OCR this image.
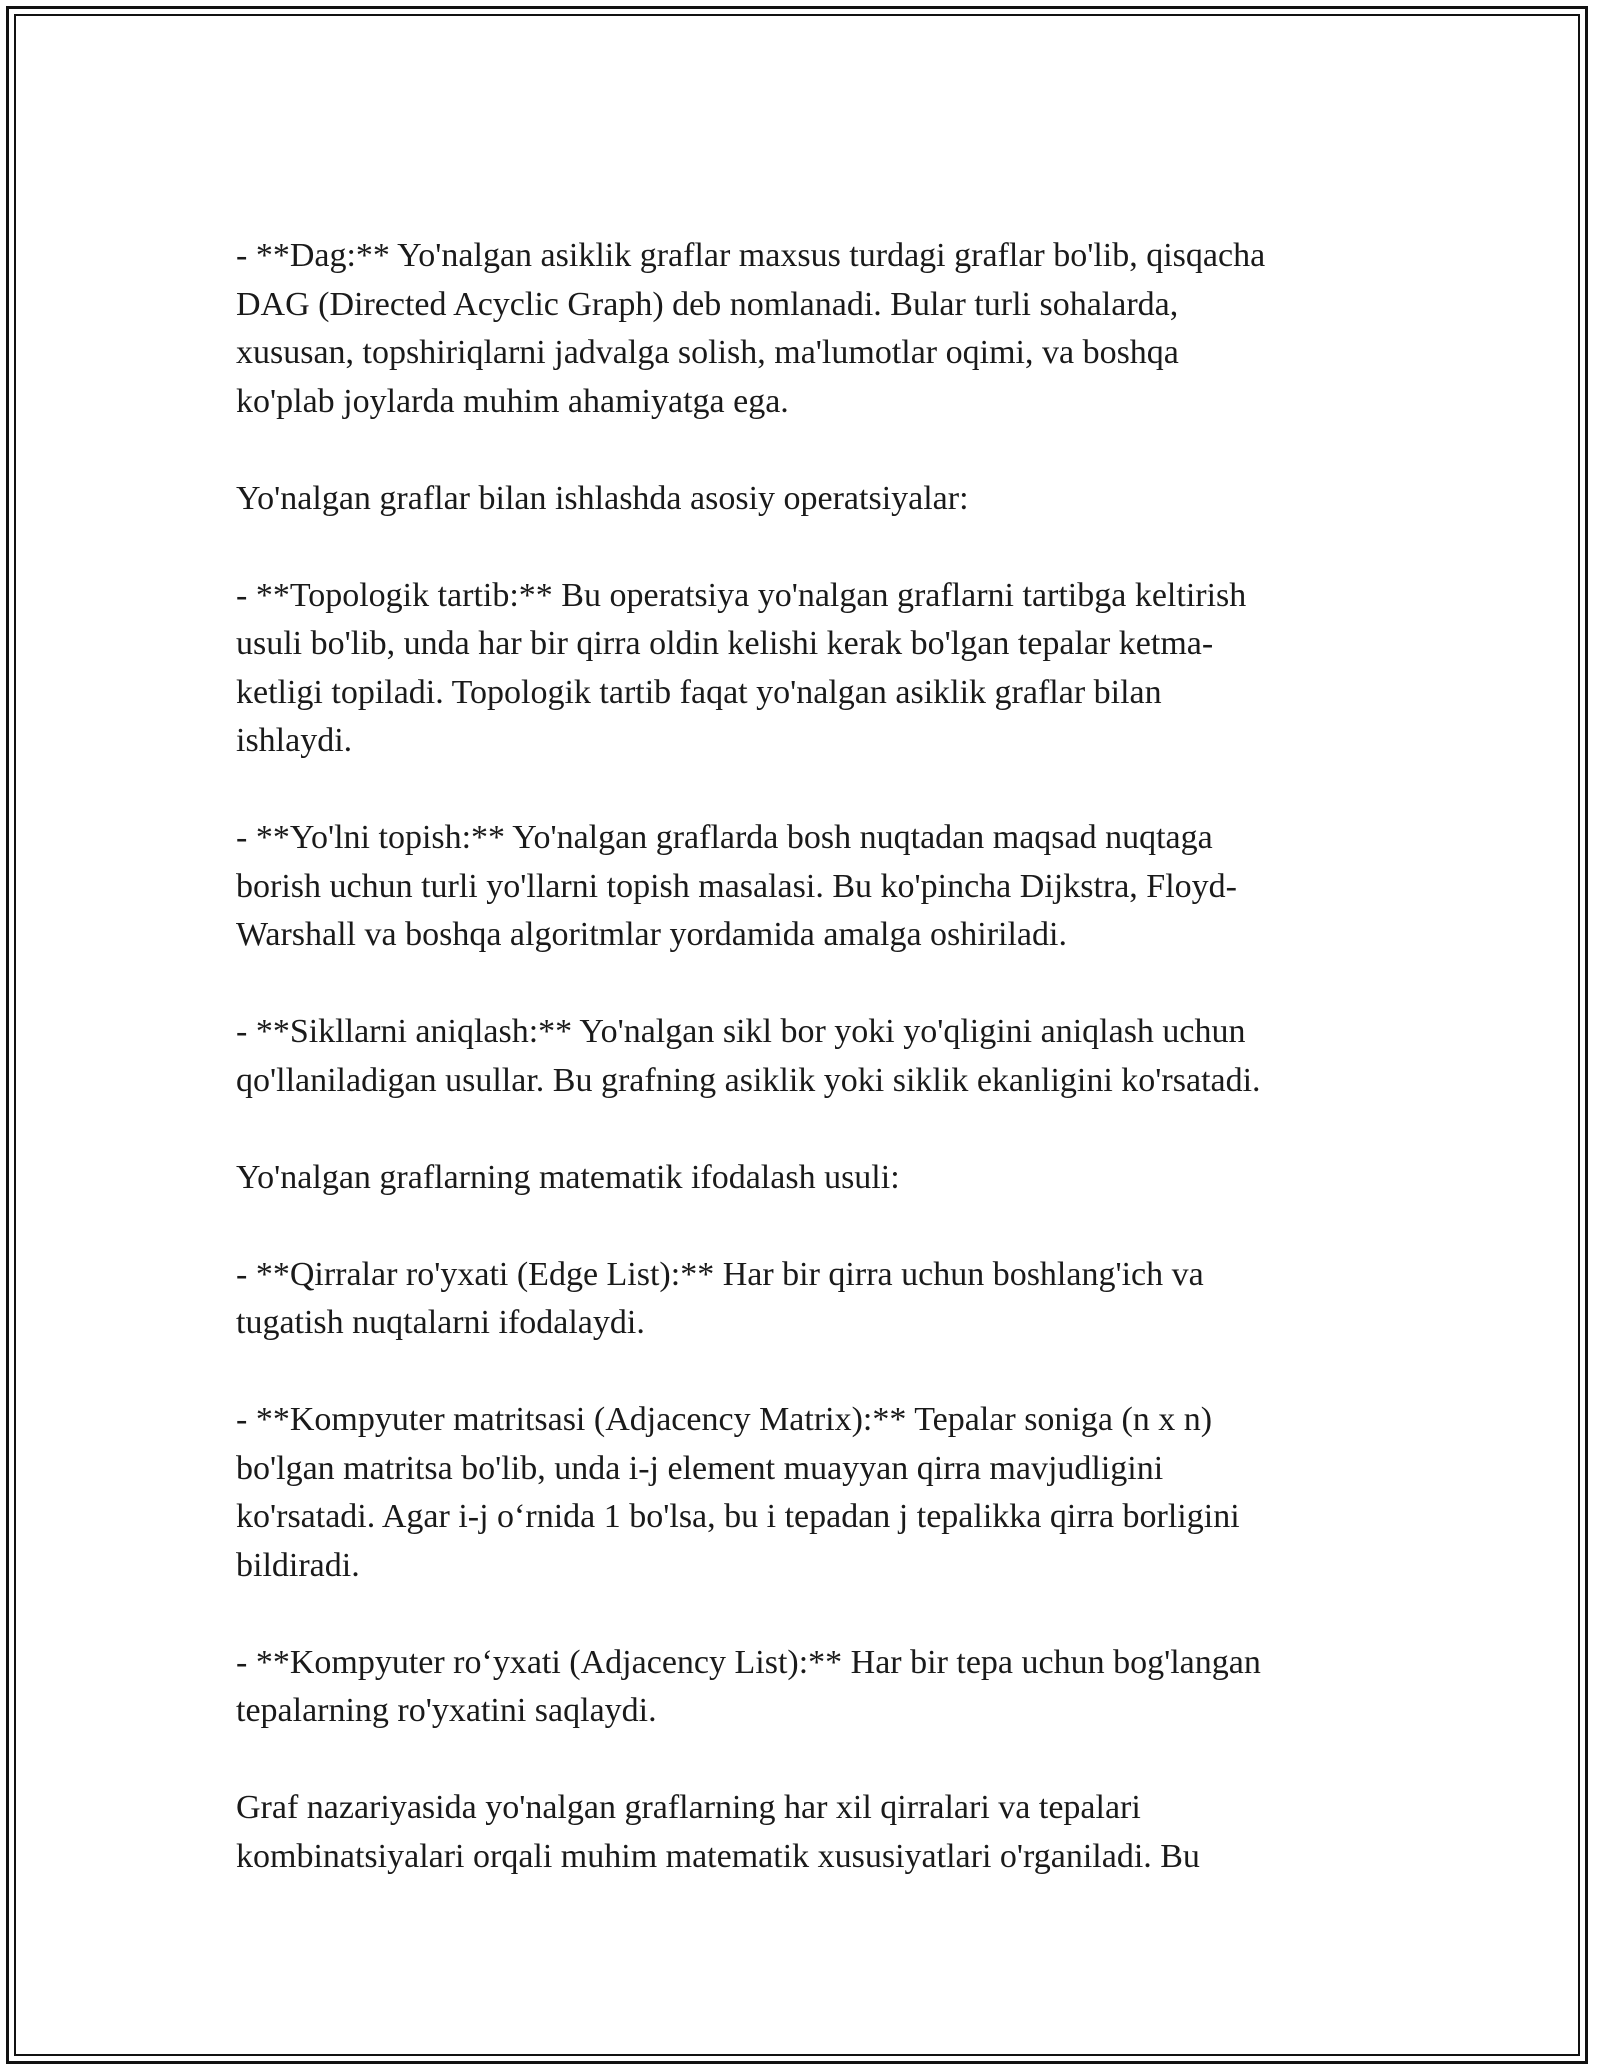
- **Dag:** Yo'nalgan asiklik graflar maxsus turdagi graflar bo'lib, qisqacha
DAG (Directed Acyclic Graph) deb nomlanadi. Bular turli sohalarda,
xususan, topshiriqlarni jadvalga solish, ma'lumotlar oqimi, va boshqa
ko'plab joylarda muhim ahamiyatga ega.

Yo'nalgan graflar bilan ishlashda asosiy operatsiyalar:

- **Topologik tartib:** Bu operatsiya yo'nalgan graflarni tartibga keltirish
usuli bo'lib, unda har bir qirra oldin kelishi kerak bo'lgan tepalar ketma-
ketligi topiladi. Topologik tartib faqat yo'nalgan asiklik graflar bilan
ishlaydi.

- **Yo'lni topish:** Yo'nalgan graflarda bosh nuqtadan maqsad nuqtaga
borish uchun turli yo'llarni topish masalasi. Bu ko'pincha Dijkstra, Floyd-
Warshall va boshqa algoritmlar yordamida amalga oshiriladi.

- **Sikllarni aniqlash:** Yo'nalgan sikl bor yoki yo'qligini aniqlash uchun
qo'llaniladigan usullar. Bu grafning asiklik yoki siklik ekanligini ko'rsatadi.

Yo'nalgan graflarning matematik ifodalash usuli:

- **Qirralar ro'yxati (Edge List):** Har bir qirra uchun boshlang'ich va
tugatish nuqtalarni ifodalaydi.

- **Kompyuter matritsasi (Adjacency Matrix):** Tepalar soniga (n x n)
bo'lgan matritsa bo'lib, unda i-j element muayyan qirra mavjudligini
ko'rsatadi. Agar i-j o‘rnida 1 bo'lsa, bu i tepadan j tepalikka qirra borligini
bildiradi.

- **Kompyuter ro‘yxati (Adjacency List):** Har bir tepa uchun bog'langan
tepalarning ro'yxatini saqlaydi.

Graf nazariyasida yo'nalgan graflarning har xil qirralari va tepalari
kombinatsiyalari orqali muhim matematik xususiyatlari o'rganiladi. Bu
